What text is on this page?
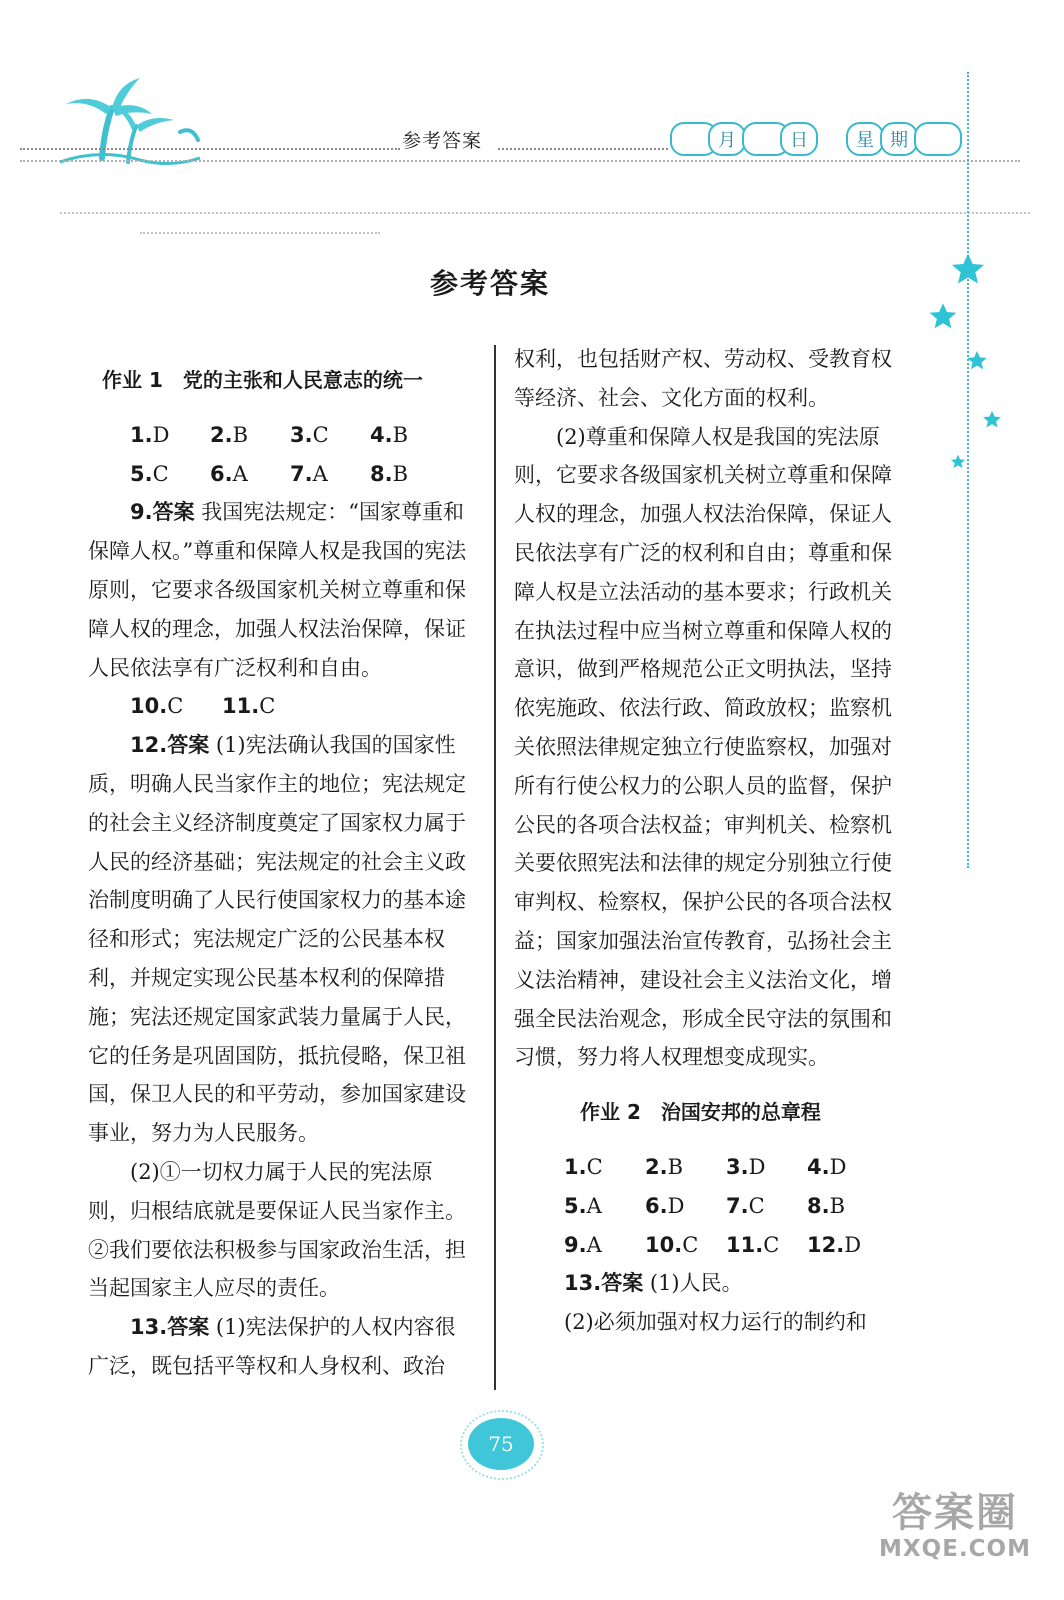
参考答案	月	日	星 期
参考答案

作业 1　党的主张和人民意志的统一

1.D	2.B	3.C	4.B
5.C	6.A	7.A	8.B

9.答案 我国宪法规定：“国家尊重和保障人权。”尊重和保障人权是我国的宪法原则，它要求各级国家机关树立尊重和保障人权的理念，加强人权法治保障，保证人民依法享有广泛权利和自由。

10.C	11.C

12.答案 (1)宪法确认我国的国家性质，明确人民当家作主的地位；宪法规定的社会主义经济制度奠定了国家权力属于人民的经济基础；宪法规定的社会主义政治制度明确了人民行使国家权力的基本途径和形式；宪法规定广泛的公民基本权利，并规定实现公民基本权利的保障措施；宪法还规定国家武装力量属于人民，它的任务是巩固国防，抵抗侵略，保卫祖国，保卫人民的和平劳动，参加国家建设事业，努力为人民服务。

(2)①一切权力属于人民的宪法原则，归根结底就是要保证人民当家作主。②我们要依法积极参与国家政治生活，担当起国家主人应尽的责任。

13.答案 (1)宪法保护的人权内容很广泛，既包括平等权和人身权利、政治

权利，也包括财产权、劳动权、受教育权等经济、社会、文化方面的权利。

(2)尊重和保障人权是我国的宪法原则，它要求各级国家机关树立尊重和保障人权的理念，加强人权法治保障，保证人民依法享有广泛的权利和自由；尊重和保障人权是立法活动的基本要求；行政机关在执法过程中应当树立尊重和保障人权的意识，做到严格规范公正文明执法，坚持依宪施政、依法行政、简政放权；监察机关依照法律规定独立行使监察权，加强对所有行使公权力的公职人员的监督，保护公民的各项合法权益；审判机关、检察机关要依照宪法和法律的规定分别独立行使审判权、检察权，保护公民的各项合法权益；国家加强法治宣传教育，弘扬社会主义法治精神，建设社会主义法治文化，增强全民法治观念，形成全民守法的氛围和习惯，努力将人权理想变成现实。

作业 2　治国安邦的总章程

1.C	2.B	3.D	4.D
5.A	6.D	7.C	8.B
9.A	10.C	11.C	12.D

13.答案 (1)人民。

(2)必须加强对权力运行的制约和

75
答案圈
MXQE.COM
